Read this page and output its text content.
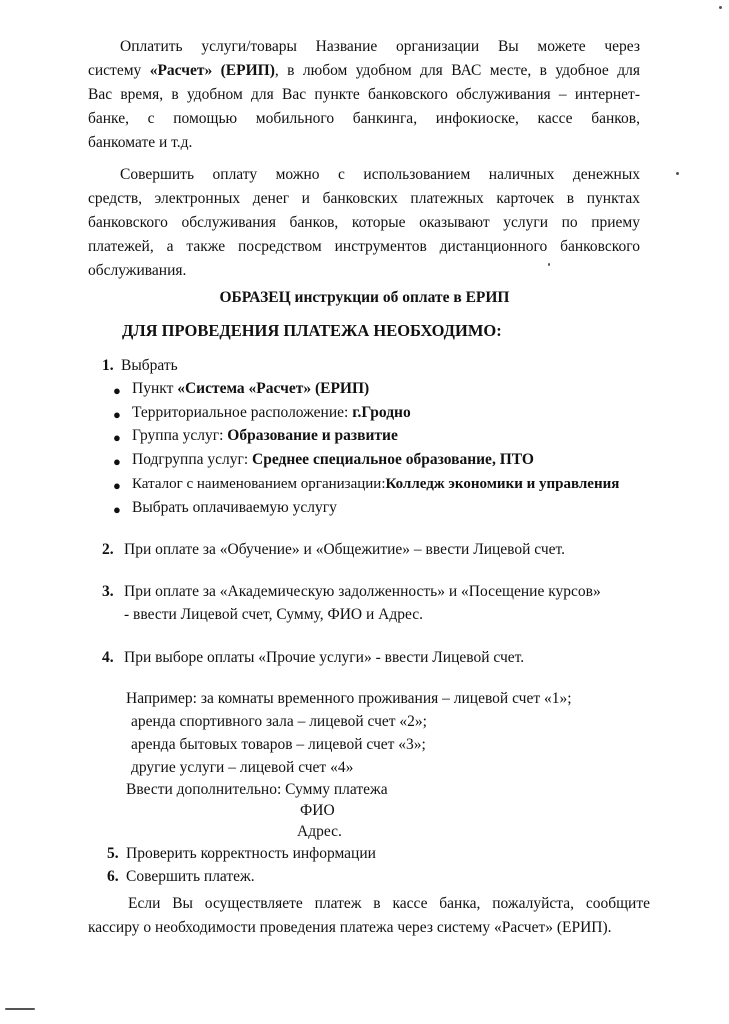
Оплатить услуги/товары Название организации Вы можете через
систему «Расчет» (ЕРИП), в любом удобном для ВАС месте, в удобное для
Вас время, в удобном для Вас пункте банковского обслуживания – интернет-
банке, с помощью мобильного банкинга, инфокиоске, кассе банков,
банкомате и т.д.
Совершить оплату можно с использованием наличных денежных
средств, электронных денег и банковских платежных карточек в пунктах
банковского обслуживания банков, которые оказывают услуги по приему
платежей, а также посредством инструментов дистанционного банковского
обслуживания.
ОБРАЗЕЦ инструкции об оплате в ЕРИП
ДЛЯ ПРОВЕДЕНИЯ ПЛАТЕЖА НЕОБХОДИМО:
1. Выбрать
● Пункт «Система «Расчет» (ЕРИП)
● Территориальное расположение: г.Гродно
● Группа услуг: Образование и развитие
● Подгруппа услуг: Среднее специальное образование, ПТО
● Каталог с наименованием организации:Колледж экономики и управления
● Выбрать оплачиваемую услугу
2. При оплате за «Обучение» и «Общежитие» – ввести Лицевой счет.
3. При оплате за «Академическую задолженность» и «Посещение курсов»
- ввести Лицевой счет, Сумму, ФИО и Адрес.
4. При выборе оплаты «Прочие услуги» - ввести Лицевой счет.
Например: за комнаты временного проживания – лицевой счет «1»;
аренда спортивного зала – лицевой счет «2»;
аренда бытовых товаров – лицевой счет «3»;
другие услуги – лицевой счет «4»
Ввести дополнительно: Сумму платежа
ФИО
Адрес.
5. Проверить корректность информации
6. Совершить платеж.
Если Вы осуществляете платеж в кассе банка, пожалуйста, сообщите
кассиру о необходимости проведения платежа через систему «Расчет» (ЕРИП).
